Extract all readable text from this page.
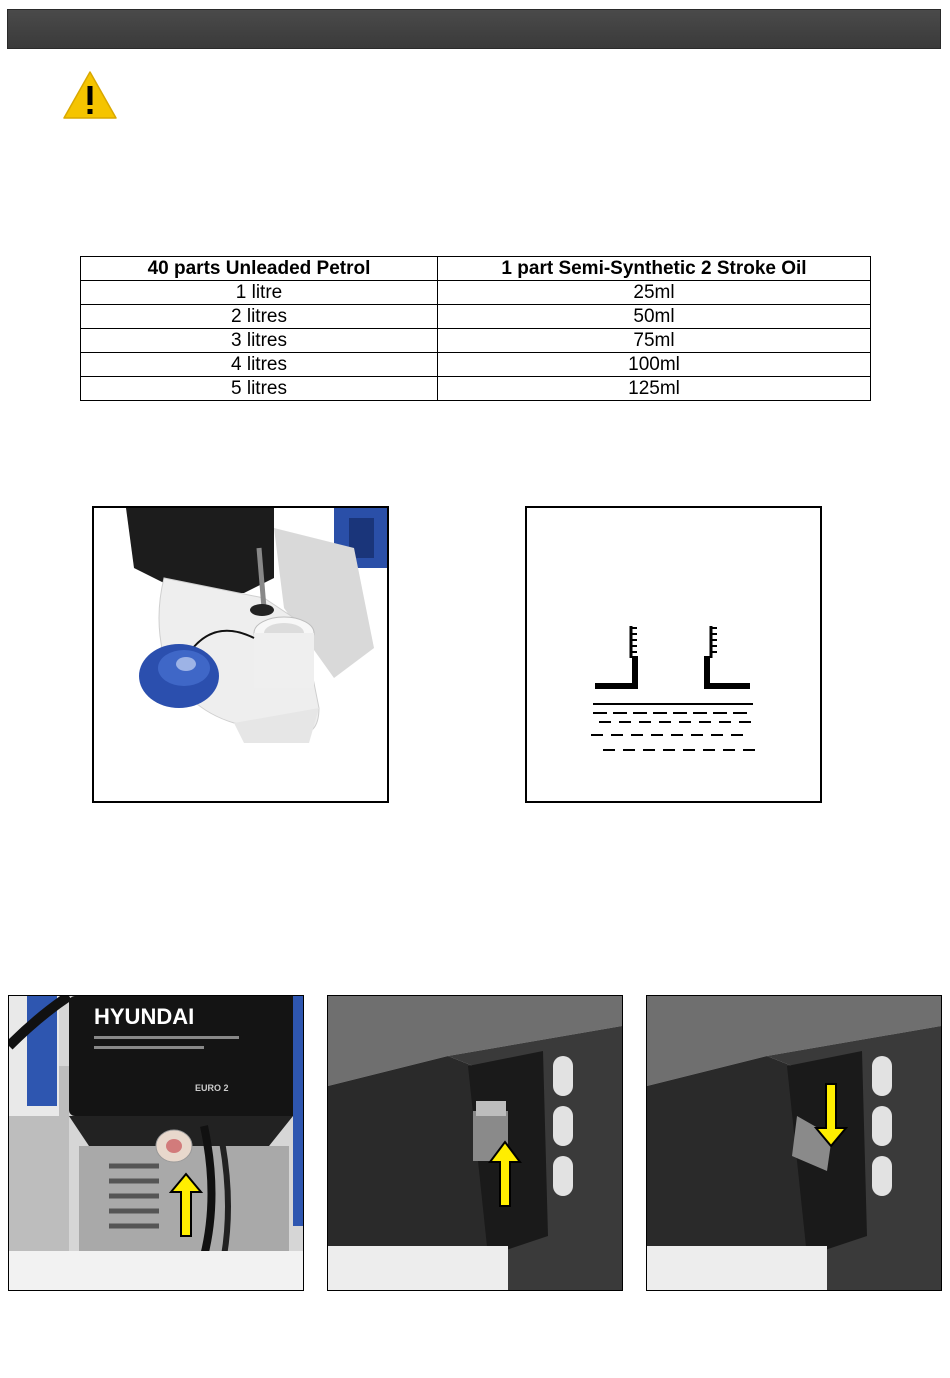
40 parts Unleaded Petrol	1 part Semi-Synthetic 2 Stroke Oil
1 litre	25ml
2 litres	50ml
3 litres	75ml
4 litres	100ml
5 litres	125ml
HYUNDAI
EURO 2
